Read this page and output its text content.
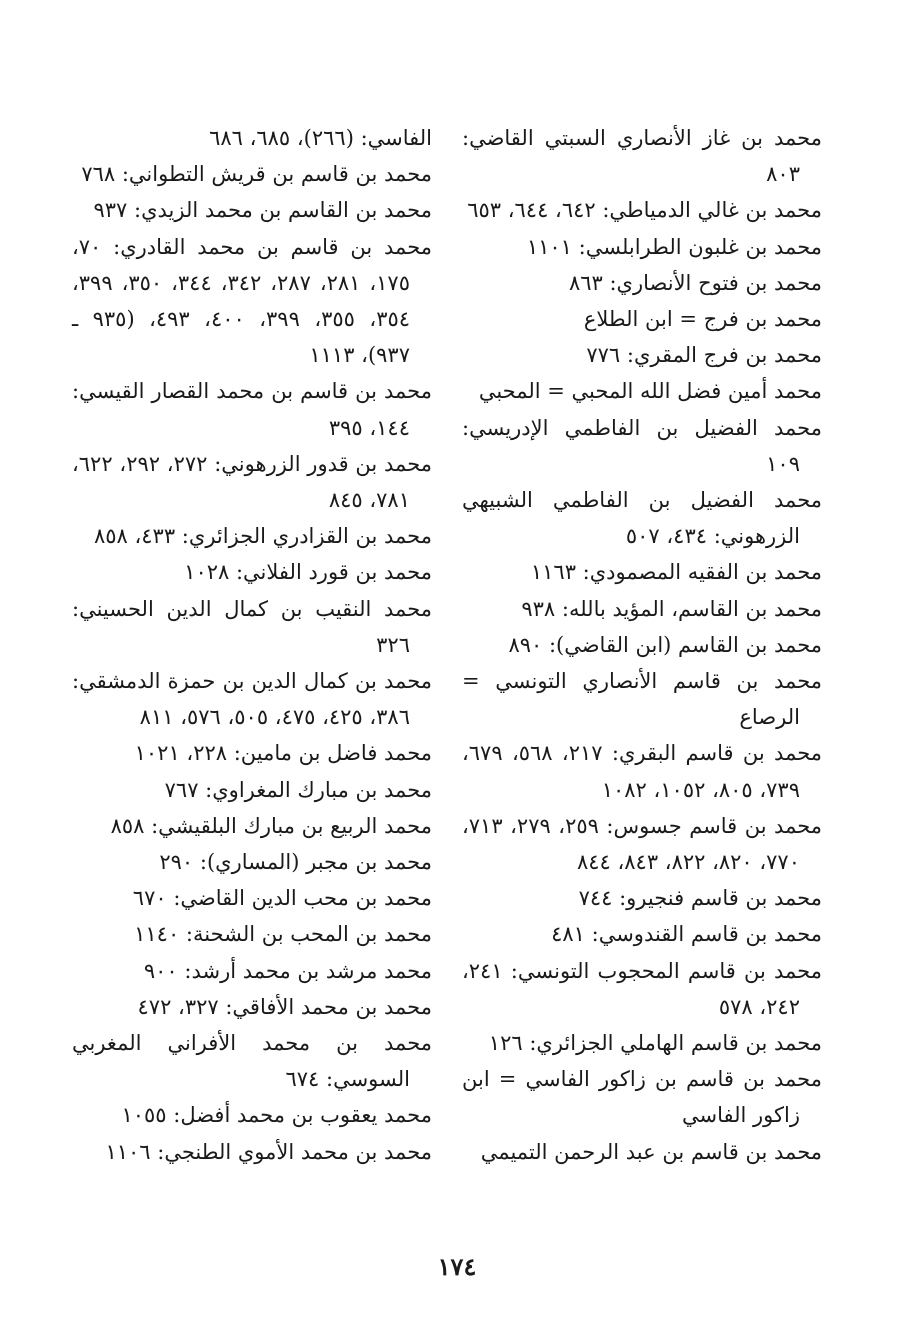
محمد بن غاز الأنصاري السبتي القاضي: ٨٠٣
محمد بن غالي الدمياطي: ٦٤٢، ٦٤٤، ٦٥٣
محمد بن غلبون الطرابلسي: ١١٠١
محمد بن فتوح الأنصاري: ٨٦٣
محمد بن فرج = ابن الطلاع
محمد بن فرج المقري: ٧٧٦
محمد أمين فضل الله المحبي = المحبي
محمد الفضيل بن الفاطمي الإدريسي: ١٠٩
محمد الفضيل بن الفاطمي الشبيهي الزرهوني: ٤٣٤، ٥٠٧
محمد بن الفقيه المصمودي: ١١٦٣
محمد بن القاسم، المؤيد بالله: ٩٣٨
محمد بن القاسم (ابن القاضي): ٨٩٠
محمد بن قاسم الأنصاري التونسي = الرصاع
محمد بن قاسم البقري: ٢١٧، ٥٦٨، ٦٧٩، ٧٣٩، ٨٠٥، ١٠٥٢، ١٠٨٢
محمد بن قاسم جسوس: ٢٥٩، ٢٧٩، ٧١٣، ٧٧٠، ٨٢٠، ٨٢٢، ٨٤٣، ٨٤٤
محمد بن قاسم فنجيرو: ٧٤٤
محمد بن قاسم القندوسي: ٤٨١
محمد بن قاسم المحجوب التونسي: ٢٤١، ٢٤٢، ٥٧٨
محمد بن قاسم الهاملي الجزائري: ١٢٦
محمد بن قاسم بن زاكور الفاسي = ابن زاكور الفاسي
محمد بن قاسم بن عبد الرحمن التميمي
الفاسي: (٢٦٦)، ٦٨٥، ٦٨٦
محمد بن قاسم بن قريش التطواني: ٧٦٨
محمد بن القاسم بن محمد الزيدي: ٩٣٧
محمد بن قاسم بن محمد القادري: ٧٠، ١٧٥، ٢٨١، ٢٨٧، ٣٤٢، ٣٤٤، ٣٥٠، ٣٩٩، ٣٥٤، ٣٥٥، ٣٩٩، ٤٠٠، ٤٩٣، (٩٣٥ ـ ٩٣٧)، ١١١٣
محمد بن قاسم بن محمد القصار القيسي: ١٤٤، ٣٩٥
محمد بن قدور الزرهوني: ٢٧٢، ٢٩٢، ٦٢٢، ٧٨١، ٨٤٥
محمد بن القزادري الجزائري: ٤٣٣، ٨٥٨
محمد بن قورد الفلاني: ١٠٢٨
محمد النقيب بن كمال الدين الحسيني: ٣٢٦
محمد بن كمال الدين بن حمزة الدمشقي: ٣٨٦، ٤٢٥، ٤٧٥، ٥٠٥، ٥٧٦، ٨١١
محمد فاضل بن مامين: ٢٢٨، ١٠٢١
محمد بن مبارك المغراوي: ٧٦٧
محمد الربيع بن مبارك البلقيشي: ٨٥٨
محمد بن مجبر (المساري): ٢٩٠
محمد بن محب الدين القاضي: ٦٧٠
محمد بن المحب بن الشحنة: ١١٤٠
محمد مرشد بن محمد أرشد: ٩٠٠
محمد بن محمد الأفاقي: ٣٢٧، ٤٧٢
محمد بن محمد الأفراني المغربي السوسي: ٦٧٤
محمد يعقوب بن محمد أفضل: ١٠٥٥
محمد بن محمد الأموي الطنجي: ١١٠٦
١٧٤
